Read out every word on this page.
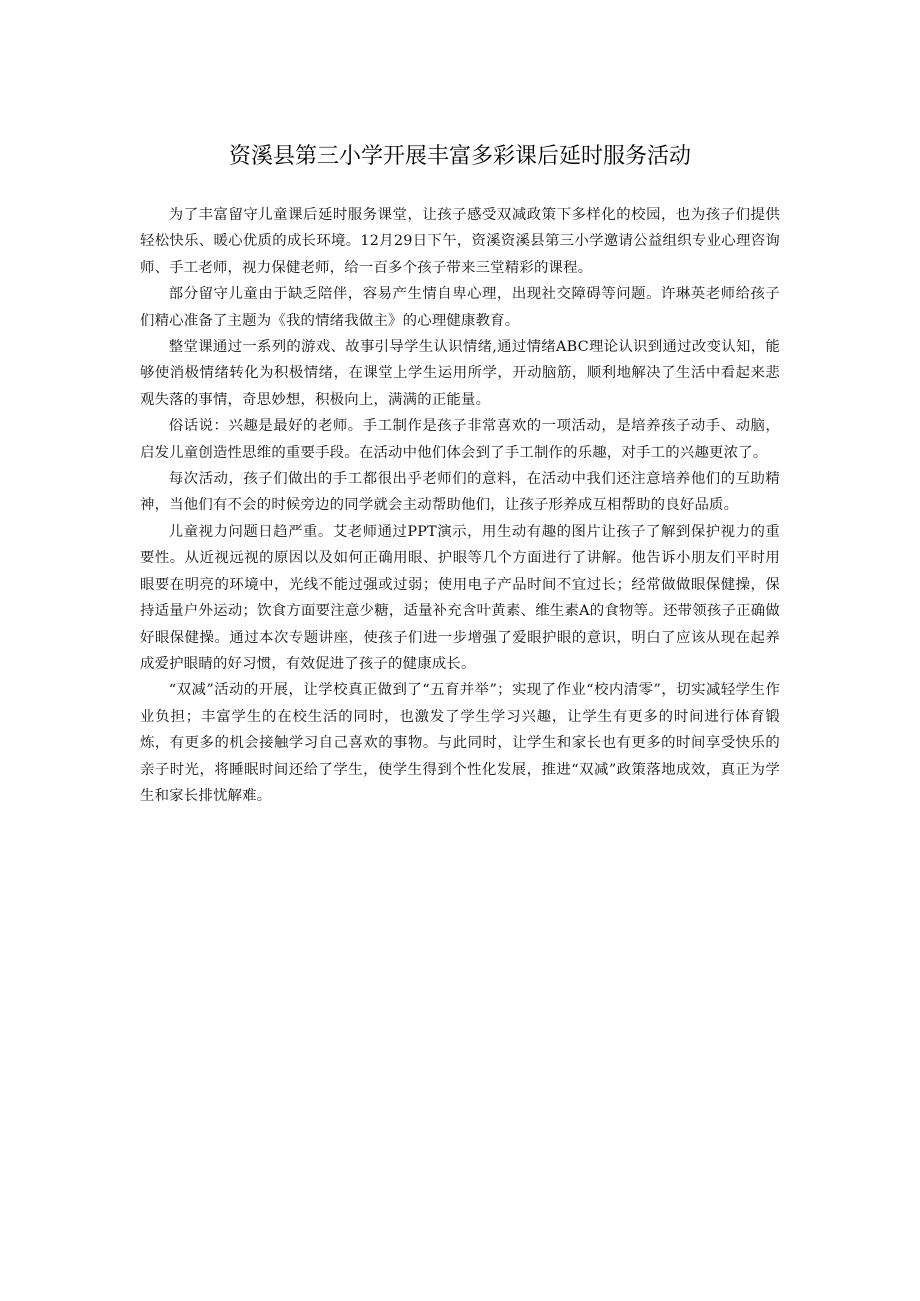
资溪县第三小学开展丰富多彩课后延时服务活动

为了丰富留守儿童课后延时服务课堂，让孩子感受双减政策下多样化的校园，也为孩子们提供轻松快乐、暖心优质的成长环境。12月29日下午，资溪资溪县第三小学邀请公益组织专业心理咨询师、手工老师，视力保健老师，给一百多个孩子带来三堂精彩的课程。

部分留守儿童由于缺乏陪伴，容易产生情自卑心理，出现社交障碍等问题。许琳英老师给孩子们精心准备了主题为《我的情绪我做主》的心理健康教育。

整堂课通过一系列的游戏、故事引导学生认识情绪,通过情绪ABC理论认识到通过改变认知，能够使消极情绪转化为积极情绪，在课堂上学生运用所学，开动脑筋，顺利地解决了生活中看起来悲观失落的事情，奇思妙想，积极向上，满满的正能量。

俗话说：兴趣是最好的老师。手工制作是孩子非常喜欢的一项活动，是培养孩子动手、动脑，启发儿童创造性思维的重要手段。在活动中他们体会到了手工制作的乐趣，对手工的兴趣更浓了。

每次活动，孩子们做出的手工都很出乎老师们的意料，在活动中我们还注意培养他们的互助精神，当他们有不会的时候旁边的同学就会主动帮助他们，让孩子形养成互相帮助的良好品质。

儿童视力问题日趋严重。艾老师通过PPT演示，用生动有趣的图片让孩子了解到保护视力的重要性。从近视远视的原因以及如何正确用眼、护眼等几个方面进行了讲解。他告诉小朋友们平时用眼要在明亮的环境中，光线不能过强或过弱；使用电子产品时间不宜过长；经常做做眼保健操，保持适量户外运动；饮食方面要注意少糖，适量补充含叶黄素、维生素A的食物等。还带领孩子正确做好眼保健操。通过本次专题讲座，使孩子们进一步增强了爱眼护眼的意识，明白了应该从现在起养成爱护眼睛的好习惯，有效促进了孩子的健康成长。

“双减”活动的开展，让学校真正做到了“五育并举”；实现了作业“校内清零”，切实减轻学生作业负担；丰富学生的在校生活的同时，也激发了学生学习兴趣，让学生有更多的时间进行体育锻炼，有更多的机会接触学习自己喜欢的事物。与此同时，让学生和家长也有更多的时间享受快乐的亲子时光，将睡眠时间还给了学生，使学生得到个性化发展，推进“双减”政策落地成效，真正为学生和家长排忧解难。
